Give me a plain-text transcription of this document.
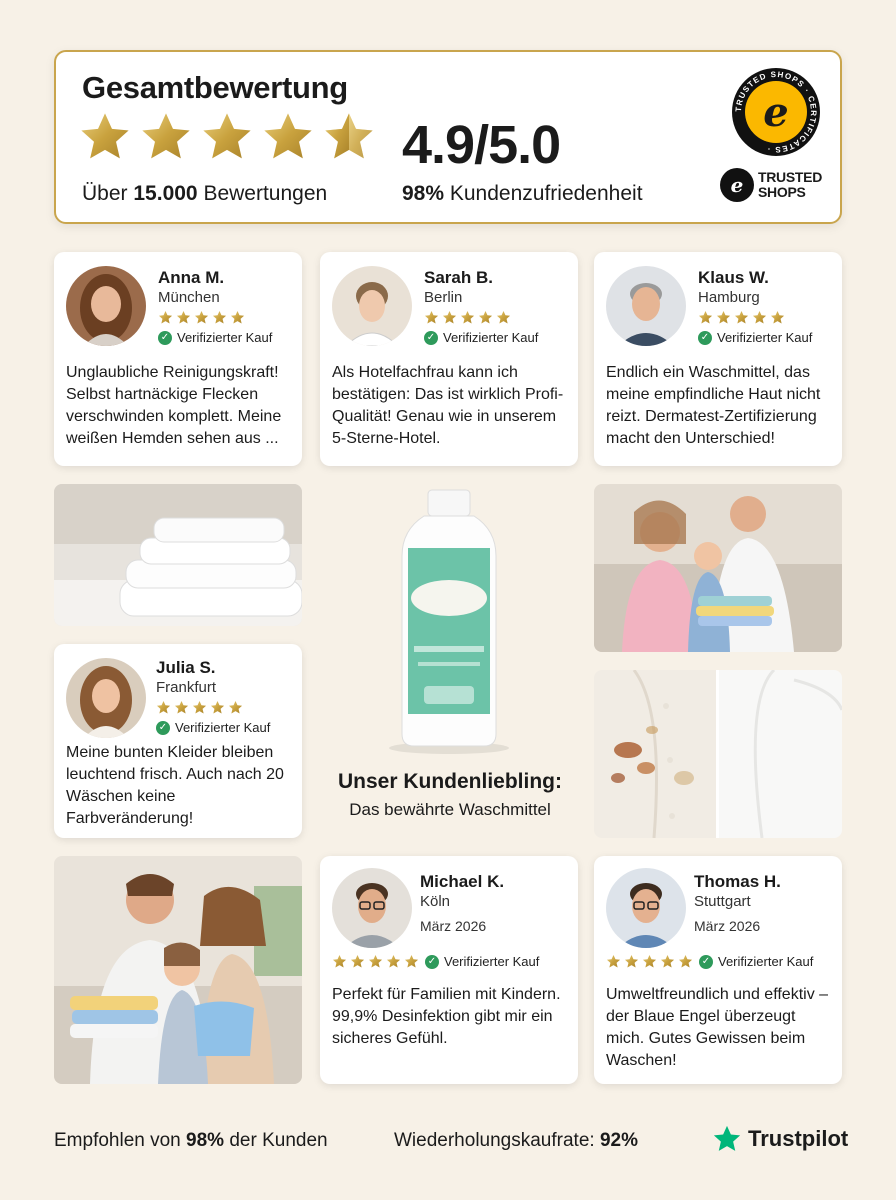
Gesamtbewertung
4.9/5.0
Über 15.000 Bewertungen	98% Kundenzufriedenheit
TRUSTED SHOPS · CERTIFICATES ·
e
e	TRUSTED
SHOPS
Anna M.
München
✓ Verifizierter Kauf
Unglaubliche Reinigungskraft! Selbst hartnäckige Flecken verschwinden komplett. Meine weißen Hemden sehen aus ...
Sarah B.
Berlin
✓ Verifizierter Kauf
Als Hotelfachfrau kann ich bestätigen: Das ist wirklich Profi-Qualität! Genau wie in unserem 5-Sterne-Hotel.
Klaus W.
Hamburg
✓ Verifizierter Kauf
Endlich ein Waschmittel, das meine empfindliche Haut nicht reizt. Dermatest-Zertifizierung macht den Unterschied!
Unser Kundenliebling:
Das bewährte Waschmittel
Julia S.
Frankfurt
✓ Verifizierter Kauf
Meine bunten Kleider bleiben leuchtend frisch. Auch nach 20 Wäschen keine Farbveränderung!
Michael K.
Köln
März 2026
✓ Verifizierter Kauf
Perfekt für Familien mit Kindern. 99,9% Desinfektion gibt mir ein sicheres Gefühl.
Thomas H.
Stuttgart
März 2026
✓ Verifizierter Kauf
Umweltfreundlich und effektiv – der Blaue Engel überzeugt mich. Gutes Gewissen beim Waschen!
Empfohlen von 98% der Kunden	Wiederholungskaufrate: 92%	Trustpilot
